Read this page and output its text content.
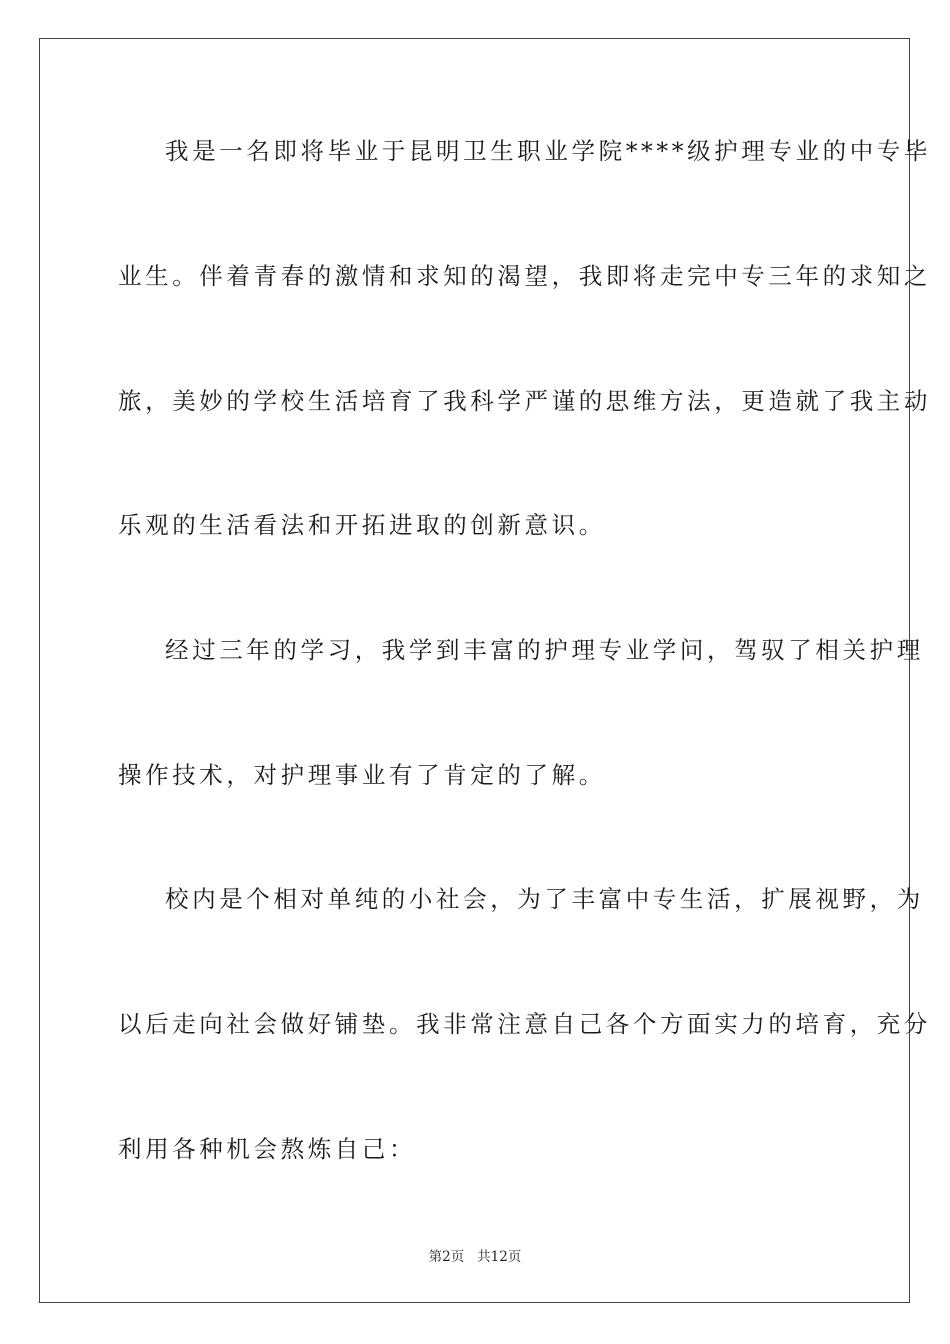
我是一名即将毕业于昆明卫生职业学院****级护理专业的中专毕
业生。伴着青春的激情和求知的渴望，我即将走完中专三年的求知之
旅，美妙的学校生活培育了我科学严谨的思维方法，更造就了我主动
乐观的生活看法和开拓进取的创新意识。
经过三年的学习，我学到丰富的护理专业学问，驾驭了相关护理
操作技术，对护理事业有了肯定的了解。
校内是个相对单纯的小社会，为了丰富中专生活，扩展视野，为
以后走向社会做好铺垫。我非常注意自己各个方面实力的培育，充分
利用各种机会熬炼自己：
第2页 共12页
